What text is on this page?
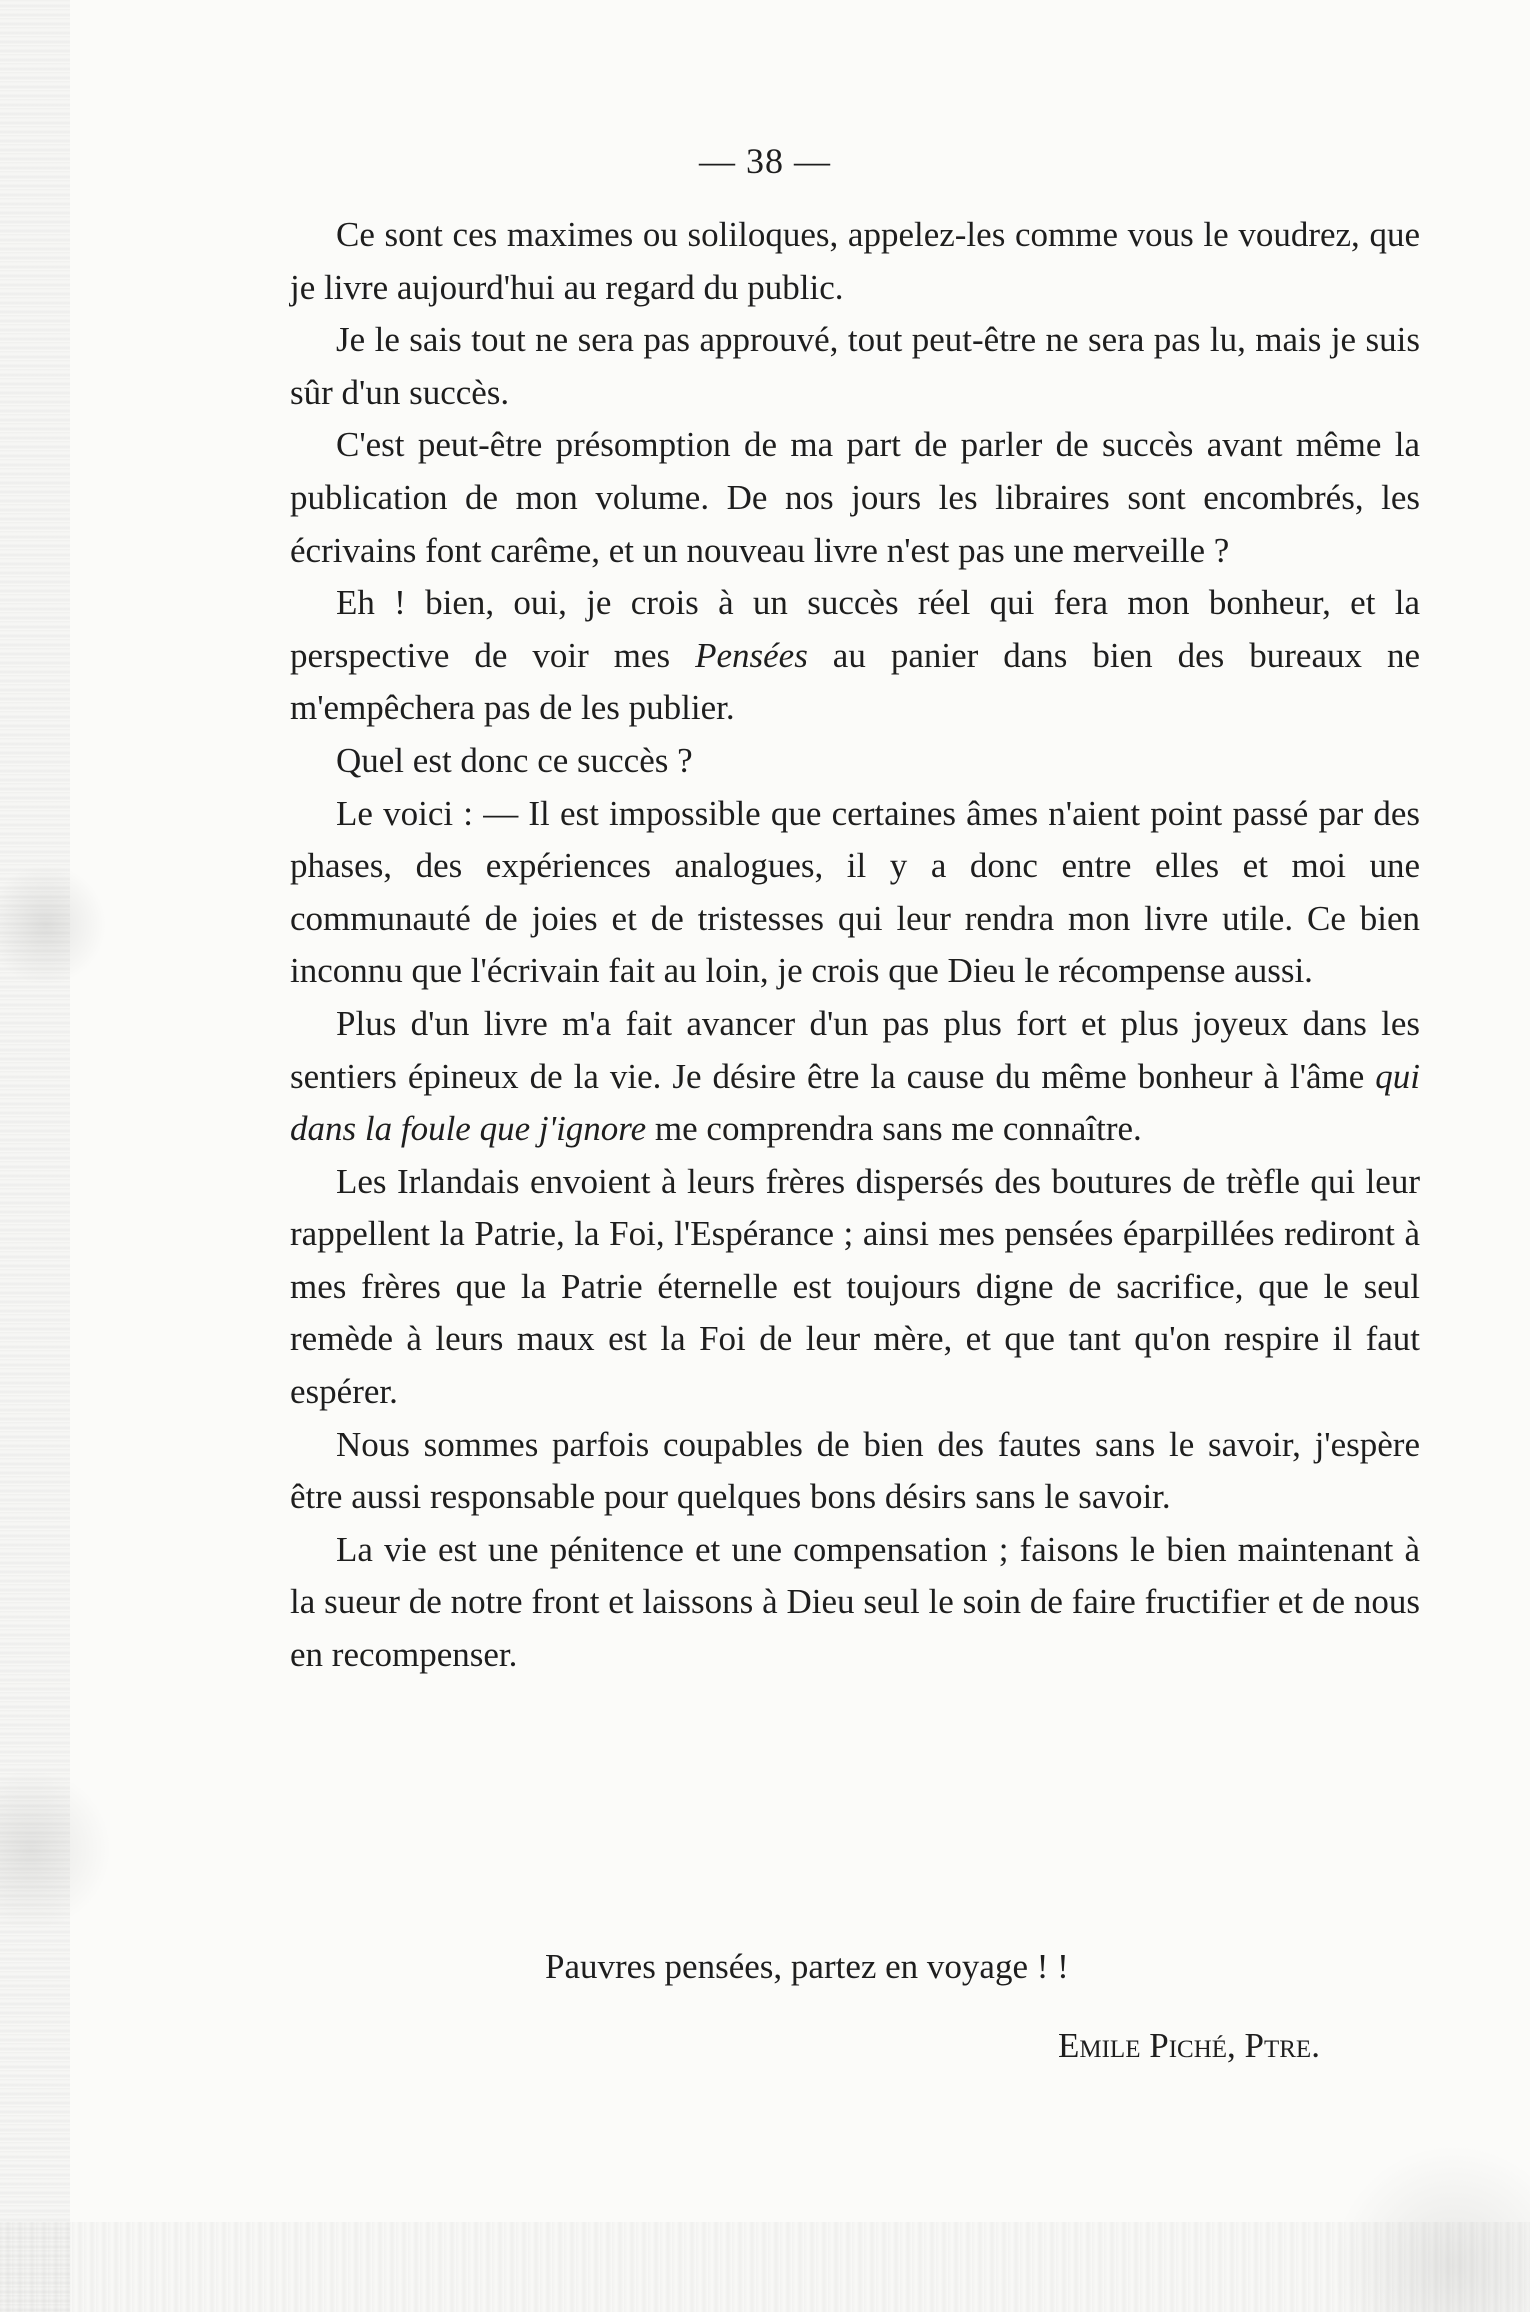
— 38 —

Ce sont ces maximes ou soliloques, appelez-les comme vous le voudrez, que je livre aujourd'hui au regard du public.

Je le sais tout ne sera pas approuvé, tout peut-être ne sera pas lu, mais je suis sûr d'un succès.

C'est peut-être présomption de ma part de parler de succès avant même la publication de mon volume. De nos jours les libraires sont encombrés, les écrivains font carême, et un nouveau livre n'est pas une merveille ?

Eh ! bien, oui, je crois à un succès réel qui fera mon bonheur, et la perspective de voir mes Pensées au panier dans bien des bureaux ne m'empêchera pas de les publier.

Quel est donc ce succès ?

Le voici : — Il est impossible que certaines âmes n'aient point passé par des phases, des expériences analogues, il y a donc entre elles et moi une communauté de joies et de tristesses qui leur rendra mon livre utile. Ce bien inconnu que l'écrivain fait au loin, je crois que Dieu le récompense aussi.

Plus d'un livre m'a fait avancer d'un pas plus fort et plus joyeux dans les sentiers épineux de la vie. Je désire être la cause du même bonheur à l'âme qui dans la foule que j'ignore me comprendra sans me connaître.

Les Irlandais envoient à leurs frères dispersés des boutures de trèfle qui leur rappellent la Patrie, la Foi, l'Espérance ; ainsi mes pensées éparpillées rediront à mes frères que la Patrie éternelle est toujours digne de sacrifice, que le seul remède à leurs maux est la Foi de leur mère, et que tant qu'on respire il faut espérer.

Nous sommes parfois coupables de bien des fautes sans le savoir, j'espère être aussi responsable pour quelques bons désirs sans le savoir.

La vie est une pénitence et une compensation ; faisons le bien maintenant à la sueur de notre front et laissons à Dieu seul le soin de faire fructifier et de nous en recompenser.

Pauvres pensées, partez en voyage ! !
Emile Piché, Ptre.
